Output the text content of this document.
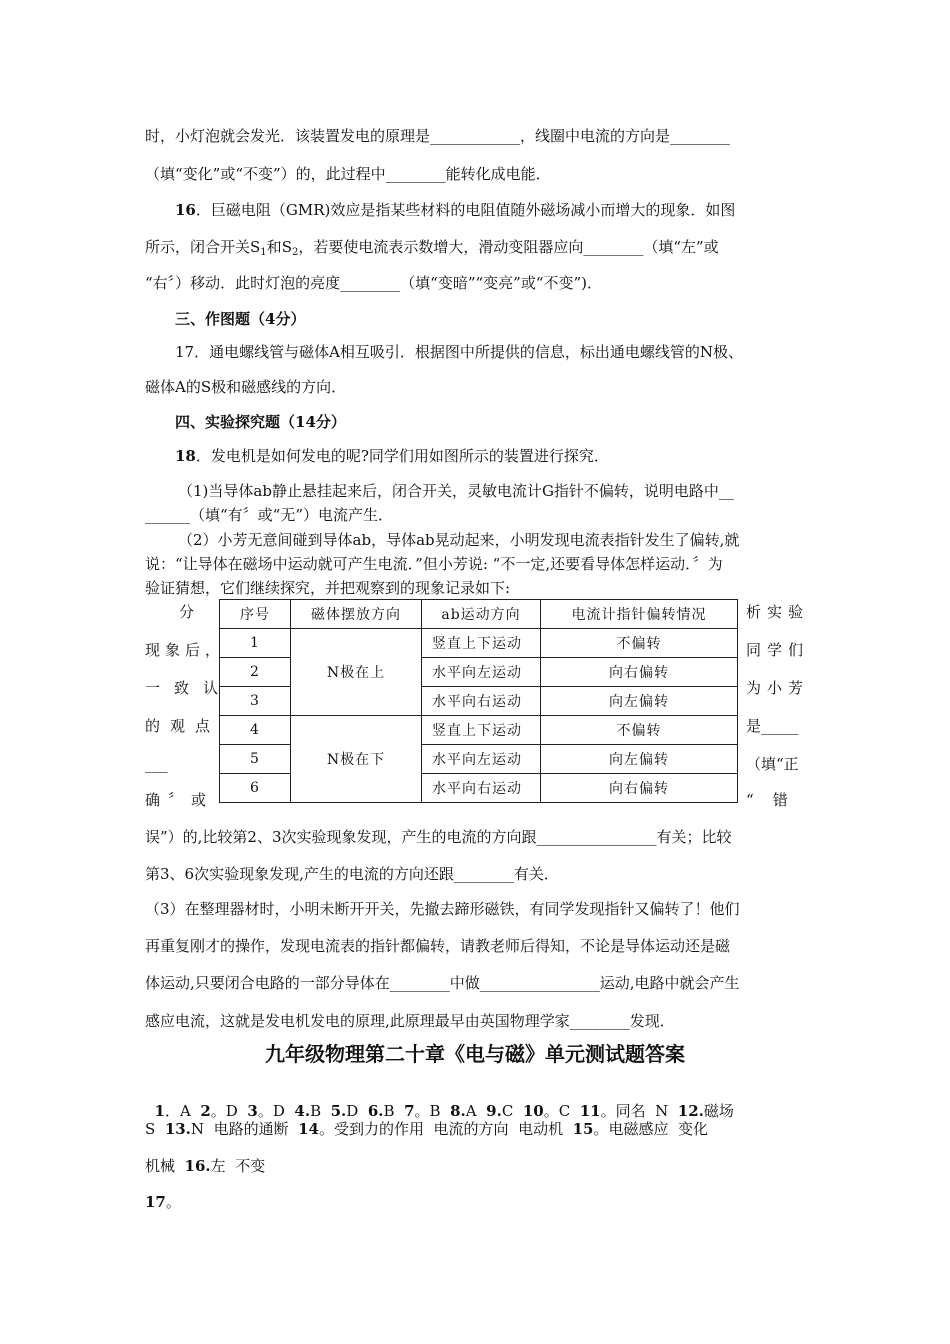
时，小灯泡就会发光．该装置发电的原理是____________，线圈中电流的方向是________
（填“变化”或“不变”）的，此过程中________能转化成电能．
16．巨磁电阻（GMR)效应是指某些材料的电阻值随外磁场减小而增大的现象．如图
所示，闭合开关$S_1$和$S_2$，若要使电流表示数增大，滑动变阻器应向________（填“左”或
“右〞）移动．此时灯泡的亮度________（填“变暗”“变亮”或“不变”)．
三、作图题（4分）
17．通电螺线管与磁体A相互吸引．根据图中所提供的信息，标出通电螺线管的N极、
磁体A的S极和磁感线的方向．
四、实验探究题（14分）
18．发电机是如何发电的呢?同学们用如图所示的装置进行探究．
（1)当导体ab静止悬挂起来后，闭合开关，灵敏电流计G指针不偏转，说明电路中__
______（填“有〞或“无”）电流产生．
（2）小芳无意间碰到导体ab，导体ab晃动起来，小明发现电流表指针发生了偏转,就
说：“让导体在磁场中运动就可产生电流．”但小芳说: “不一定,还要看导体怎样运动．〞为
验证猜想，它们继续探究，并把观察到的现象记录如下:
分
现象后，
一致认
的观点
___
确〞或
析实验
同学们
为小芳
是_____
（填“正
“    错
序号	磁体摆放方向	ab运动方向	电流计指针偏转情况
1	N极在上	竖直上下运动	不偏转
2		水平向左运动	向右偏转
3		水平向右运动	向左偏转
4	N极在下	竖直上下运动	不偏转
5		水平向左运动	向左偏转
6		水平向右运动	向右偏转
误”）的,比较第2、3次实验现象发现，产生的电流的方向跟________________有关；比较
第3、6次实验现象发现,产生的电流的方向还跟________有关．
（3）在整理器材时，小明未断开开关，先撤去蹄形磁铁，有同学发现指针又偏转了！他们
再重复刚才的操作，发现电流表的指针都偏转，请教老师后得知，不论是导体运动还是磁
体运动,只要闭合电路的一部分导体在________中做________________运动,电路中就会产生
感应电流，这就是发电机发电的原理,此原理最早由英国物理学家________发现．
九年级物理第二十章《电与磁》单元测试题答案

1．A  2。D  3。D  4.B  5.D  6.B  7。B  8.A  9.C  10。C  11。同名  N  12.磁场

S  13.N  电路的通断  14。受到力的作用  电流的方向  电动机  15。电磁感应  变化
机械  16.左  不变
17。
